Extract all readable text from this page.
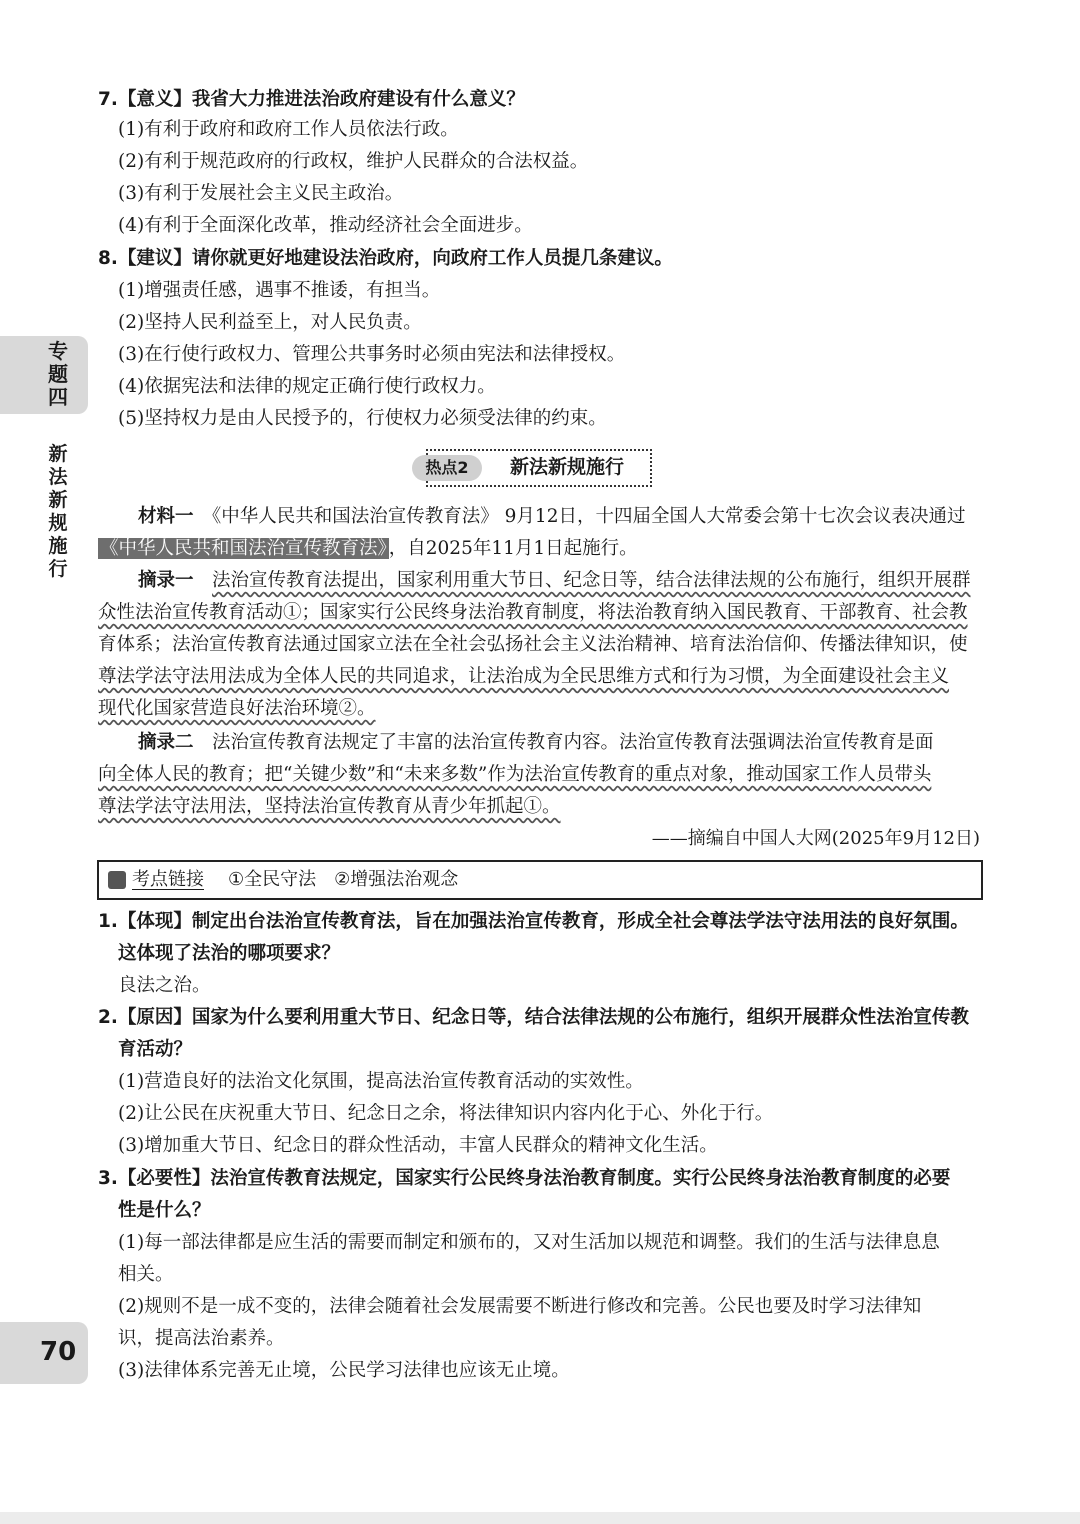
专题四
新法新规施行
70
7.【意义】我省大力推进法治政府建设有什么意义？
(1)有利于政府和政府工作人员依法行政。
(2)有利于规范政府的行政权，维护人民群众的合法权益。
(3)有利于发展社会主义民主政治。
(4)有利于全面深化改革，推动经济社会全面进步。
8.【建议】请你就更好地建设法治政府，向政府工作人员提几条建议。
(1)增强责任感，遇事不推诿，有担当。
(2)坚持人民利益至上，对人民负责。
(3)在行使行政权力、管理公共事务时必须由宪法和法律授权。
(4)依据宪法和法律的规定正确行使行政权力。
(5)坚持权力是由人民授予的，行使权力必须受法律的约束。
热点2	新法新规施行
材料一　 《中华人民共和国法治宣传教育法》 9月12日，十四届全国人大常委会第十七次会议表决通过
《中华人民共和国法治宣传教育法》 ，自2025年11月1日起施行。
摘录一　 法治宣传教育法提出，国家利用重大节日、纪念日等，结合法律法规的公布施行，组织开展群
众性法治宣传教育活动①；国家实行公民终身法治教育制度，将法治教育纳入国民教育、干部教育、社会教
育体系；法治宣传教育法通过国家立法在全社会弘扬社会主义法治精神、培育法治信仰、传播法律知识，使
尊法学法守法用法成为全体人民的共同追求，让法治成为全民思维方式和行为习惯，为全面建设社会主义
现代化国家营造良好法治环境②。
摘录二　 法治宣传教育法规定了丰富的法治宣传教育内容。法治宣传教育法强调法治宣传教育是面
向全体人民的教育；把“关键少数”和“未来多数”作为法治宣传教育的重点对象，推动国家工作人员带头
尊法学法守法用法，坚持法治宣传教育从青少年抓起①。
——摘编自中国人大网(2025年9月12日)
考点链接 ①全民守法　②增强法治观念
1.【体现】制定出台法治宣传教育法，旨在加强法治宣传教育，形成全社会尊法学法守法用法的良好氛围。
这体现了法治的哪项要求？
良法之治。
2.【原因】国家为什么要利用重大节日、纪念日等，结合法律法规的公布施行，组织开展群众性法治宣传教
育活动？
(1)营造良好的法治文化氛围，提高法治宣传教育活动的实效性。
(2)让公民在庆祝重大节日、纪念日之余，将法律知识内容内化于心、外化于行。
(3)增加重大节日、纪念日的群众性活动，丰富人民群众的精神文化生活。
3.【必要性】法治宣传教育法规定，国家实行公民终身法治教育制度。实行公民终身法治教育制度的必要
性是什么？
(1)每一部法律都是应生活的需要而制定和颁布的，又对生活加以规范和调整。我们的生活与法律息息
相关。
(2)规则不是一成不变的，法律会随着社会发展需要不断进行修改和完善。公民也要及时学习法律知
识，提高法治素养。
(3)法律体系完善无止境，公民学习法律也应该无止境。
